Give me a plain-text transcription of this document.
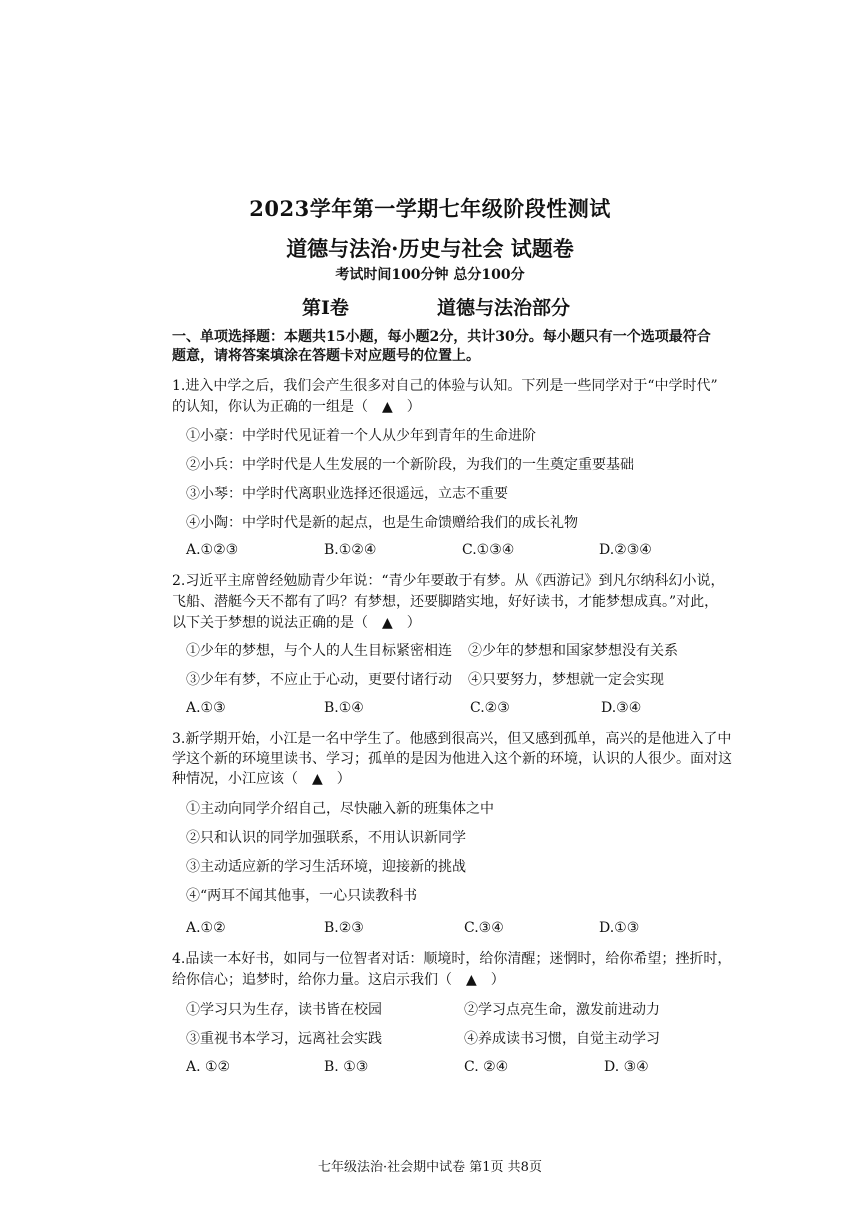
2023学年第一学期七年级阶段性测试
道德与法治·历史与社会 试题卷
考试时间100分钟 总分100分
第Ⅰ卷	道德与法治部分
一、单项选择题：本题共15小题，每小题2分，共计30分。每小题只有一个选项最符合
题意，请将答案填涂在答题卡对应题号的位置上。
1.进入中学之后，我们会产生很多对自己的体验与认知。下列是一些同学对于“中学时代”
的认知，你认为正确的一组是（　▲　）
①小豪：中学时代见证着一个人从少年到青年的生命进阶
②小兵：中学时代是人生发展的一个新阶段，为我们的一生奠定重要基础
③小琴：中学时代离职业选择还很遥远，立志不重要
④小陶：中学时代是新的起点，也是生命馈赠给我们的成长礼物
A.①②③	B.①②④	C.①③④	D.②③④
2.习近平主席曾经勉励青少年说：“青少年要敢于有梦。从《西游记》到凡尔纳科幻小说，
飞船、潜艇今天不都有了吗？有梦想，还要脚踏实地，好好读书，才能梦想成真。”对此，
以下关于梦想的说法正确的是（　▲　）
①少年的梦想，与个人的人生目标紧密相连 ②少年的梦想和国家梦想没有关系
③少年有梦，不应止于心动，更要付诸行动 ④只要努力，梦想就一定会实现
A.①③	B.①④	C.②③	D.③④
3.新学期开始，小江是一名中学生了。他感到很高兴，但又感到孤单，高兴的是他进入了中
学这个新的环境里读书、学习；孤单的是因为他进入这个新的环境，认识的人很少。面对这
种情况，小江应该（　▲　）
①主动向同学介绍自己，尽快融入新的班集体之中
②只和认识的同学加强联系，不用认识新同学
③主动适应新的学习生活环境，迎接新的挑战
④“两耳不闻其他事，一心只读教科书
A.①②	B.②③	C.③④	D.①③
4.品读一本好书，如同与一位智者对话：顺境时，给你清醒；迷惘时，给你希望；挫折时，
给你信心；追梦时，给你力量。这启示我们（　▲　）
①学习只为生存，读书皆在校园	②学习点亮生命，激发前进动力
③重视书本学习，远离社会实践	④养成读书习惯，自觉主动学习
A. ①②	B. ①③	C. ②④	D. ③④
七年级法治·社会期中试卷 第1页 共8页
